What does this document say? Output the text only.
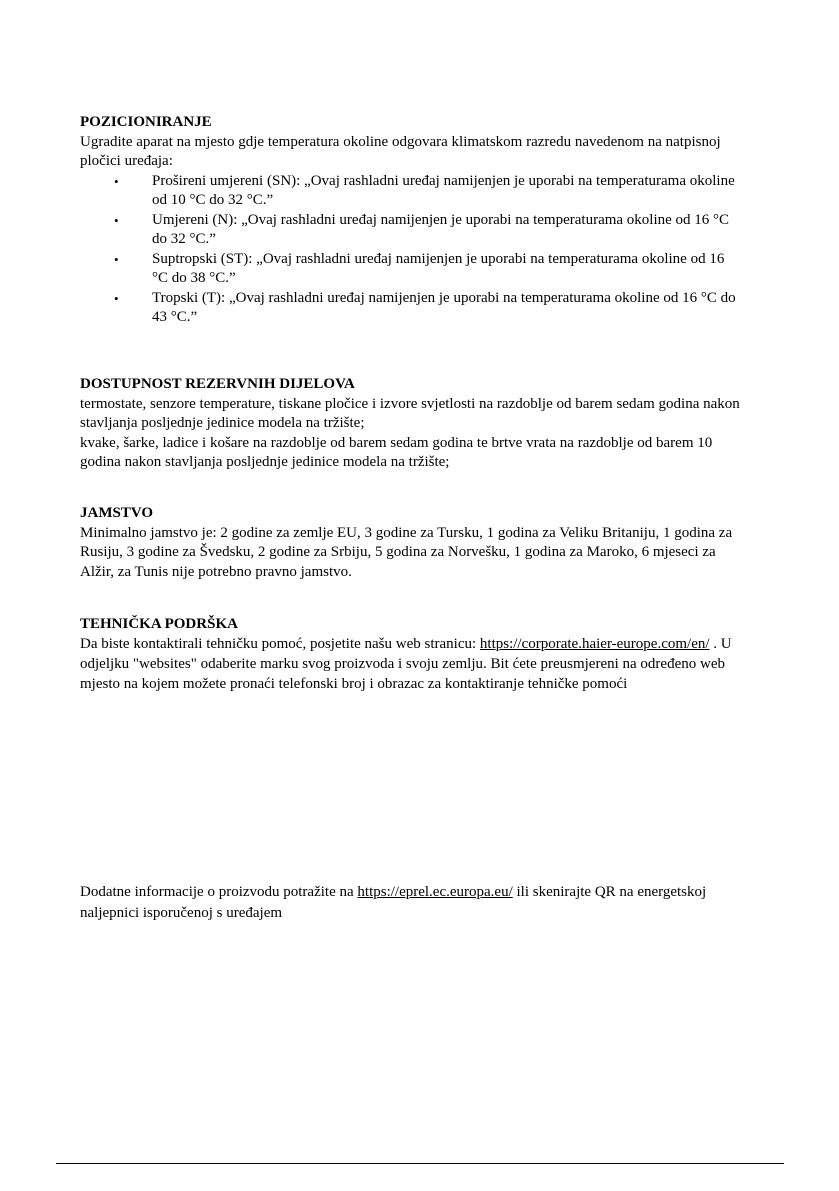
POZICIONIRANJE
Ugradite aparat na mjesto gdje temperatura okoline odgovara klimatskom razredu navedenom na natpisnoj pločici uređaja:
• Prošireni umjereni (SN): „Ovaj rashladni uređaj namijenjen je uporabi na temperaturama okoline od 10 °C do 32 °C.”
• Umjereni (N): „Ovaj rashladni uređaj namijenjen je uporabi na temperaturama okoline od 16 °C do 32 °C.”
• Suptropski (ST): „Ovaj rashladni uređaj namijenjen je uporabi na temperaturama okoline od 16 °C do 38 °C.”
• Tropski (T): „Ovaj rashladni uređaj namijenjen je uporabi na temperaturama okoline od 16 °C do 43 °C.”
DOSTUPNOST REZERVNIH DIJELOVA
termostate, senzore temperature, tiskane pločice i izvore svjetlosti na razdoblje od barem sedam godina nakon stavljanja posljednje jedinice modela na tržište;
kvake, šarke, ladice i košare na razdoblje od barem sedam godina te brtve vrata na razdoblje od barem 10 godina nakon stavljanja posljednje jedinice modela na tržište;
JAMSTVO
Minimalno jamstvo je: 2 godine za zemlje EU, 3 godine za Tursku, 1 godina za Veliku Britaniju, 1 godina za Rusiju, 3 godine za Švedsku, 2 godine za Srbiju, 5 godina za Norvešku, 1 godina za Maroko, 6 mjeseci za Alžir, za Tunis nije potrebno pravno jamstvo.
TEHNIČKA PODRŠKA
Da biste kontaktirali tehničku pomoć, posjetite našu web stranicu: https://corporate.haier-europe.com/en/ . U odjeljku "websites" odaberite marku svog proizvoda i svoju zemlju. Bit ćete preusmjereni na određeno web mjesto na kojem možete pronaći telefonski broj i obrazac za kontaktiranje tehničke pomoći
Dodatne informacije o proizvodu potražite na https://eprel.ec.europa.eu/ ili skenirajte QR na energetskoj naljepnici isporučenoj s uređajem
